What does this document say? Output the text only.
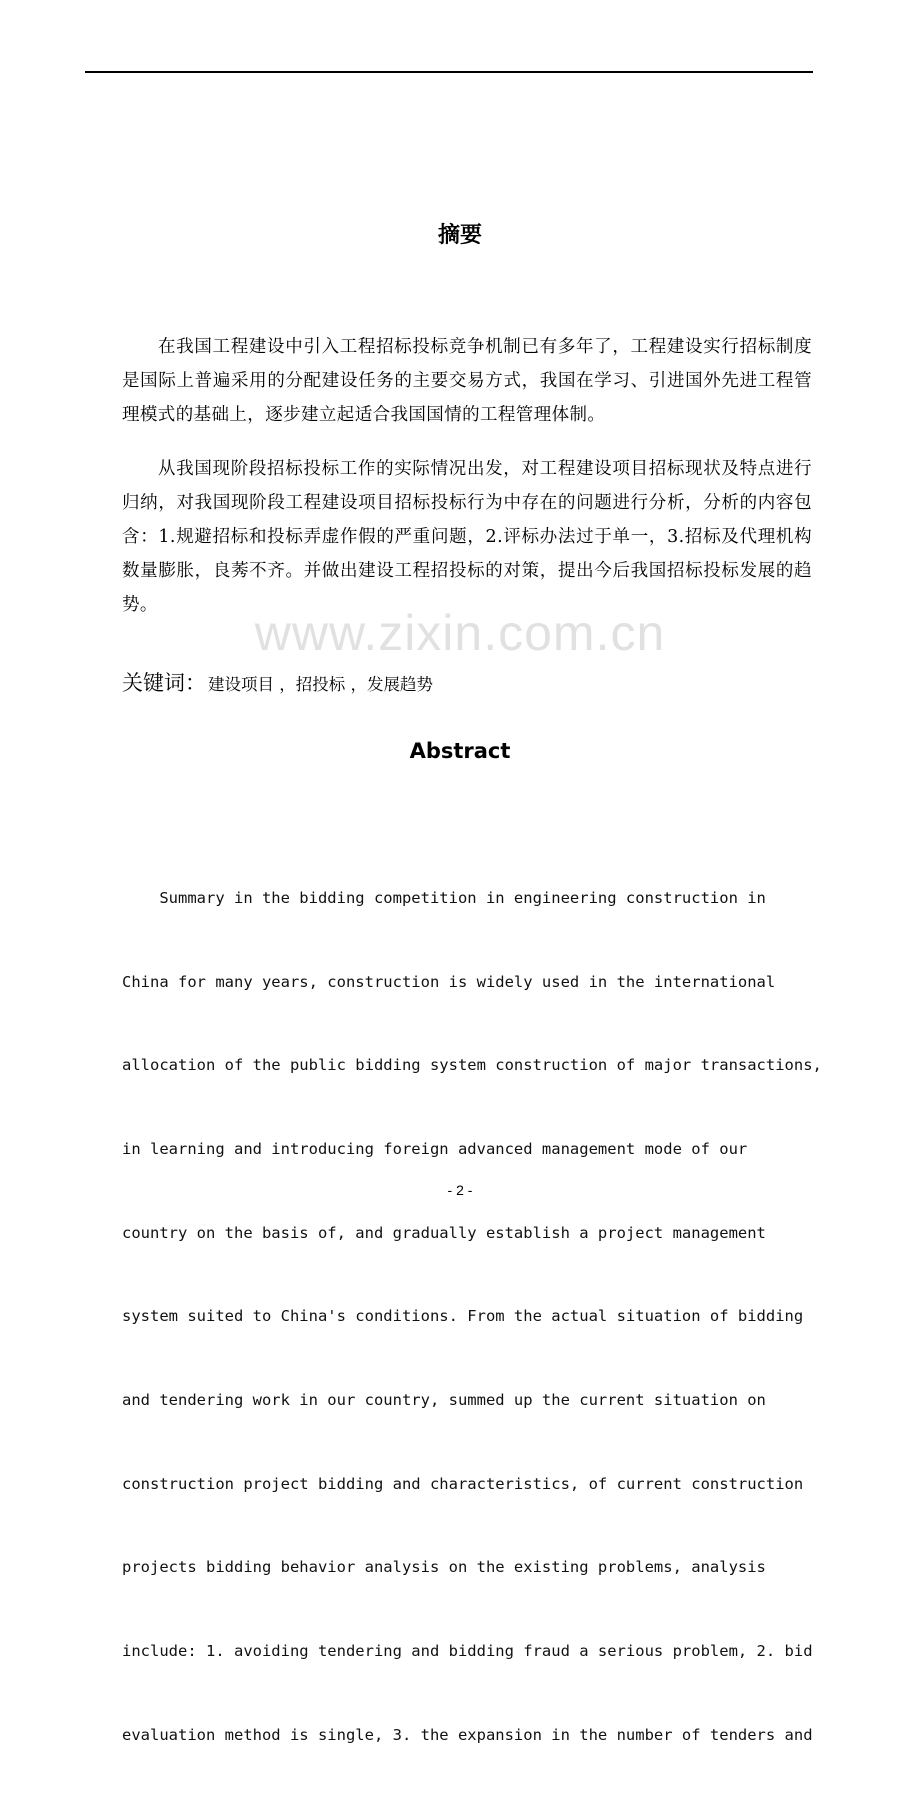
摘要

在我国工程建设中引入工程招标投标竞争机制已有多年了，工程建设实行招标制度是国际上普遍采用的分配建设任务的主要交易方式，我国在学习、引进国外先进工程管理模式的基础上，逐步建立起适合我国国情的工程管理体制。

从我国现阶段招标投标工作的实际情况出发，对工程建设项目招标现状及特点进行归纳，对我国现阶段工程建设项目招标投标行为中存在的问题进行分析，分析的内容包含：1.规避招标和投标弄虚作假的严重问题，2.评标办法过于单一，3.招标及代理机构数量膨胀，良莠不齐。并做出建设工程招投标的对策，提出今后我国招标投标发展的趋势。	www.zixin.com.cn
关键词： 建设项目 ，招投标 ，发展趋势
Abstract

Summary in the bidding competition in engineering construction in

China for many years, construction is widely used in the international

allocation of the public bidding system construction of major transactions,

in learning and introducing foreign advanced management mode of our

country on the basis of, and gradually establish a project management

system suited to China's conditions. From the actual situation of bidding

and tendering work in our country, summed up the current situation on

construction project bidding and characteristics, of current construction

projects bidding behavior analysis on the existing problems, analysis

include: 1. avoiding tendering and bidding fraud a serious problem, 2. bid

evaluation method is single, 3. the expansion in the number of tenders and

- 2 -
